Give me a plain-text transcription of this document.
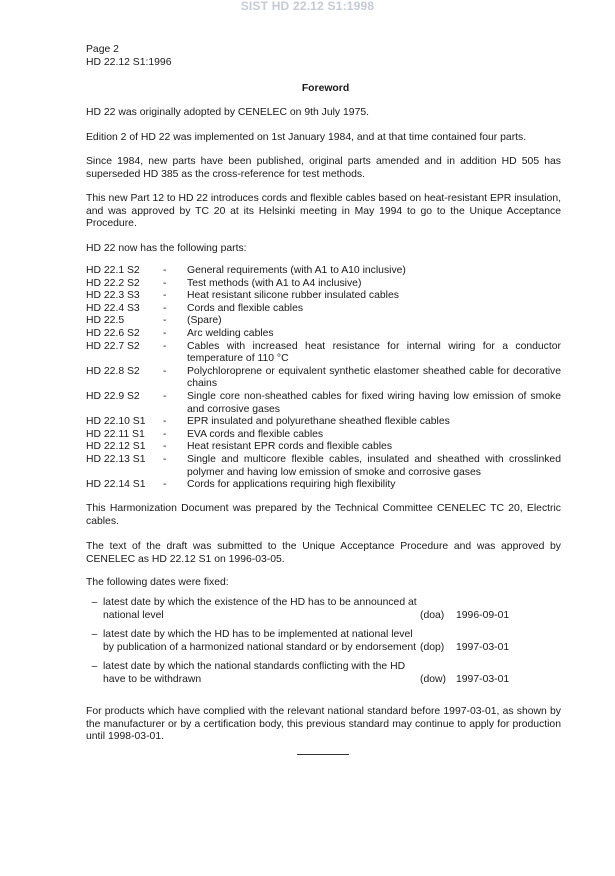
SIST HD 22.12 S1:1998
Page 2
HD 22.12 S1:1996
Foreword
HD 22 was originally adopted by CENELEC on 9th July 1975.
Edition 2 of HD 22 was implemented on 1st January 1984, and at that time contained four parts.
Since 1984, new parts have been published, original parts amended and in addition HD 505 has superseded HD 385 as the cross-reference for test methods.
This new Part 12 to HD 22 introduces cords and flexible cables based on heat-resistant EPR insulation, and was approved by TC 20 at its Helsinki meeting in May 1994 to go to the Unique Acceptance Procedure.
HD 22 now has the following parts:
HD 22.1 S2	-	General requirements (with A1 to A10 inclusive)
HD 22.2 S2	-	Test methods (with A1 to A4 inclusive)
HD 22.3 S3	-	Heat resistant silicone rubber insulated cables
HD 22.4 S3	-	Cords and flexible cables
HD 22.5	-	(Spare)
HD 22.6 S2	-	Arc welding cables
HD 22.7 S2	-	Cables with increased heat resistance for internal wiring for a conductor temperature of 110 °C
HD 22.8 S2	-	Polychloroprene or equivalent synthetic elastomer sheathed cable for decorative chains
HD 22.9 S2	-	Single core non-sheathed cables for fixed wiring having low emission of smoke and corrosive gases
HD 22.10 S1	-	EPR insulated and polyurethane sheathed flexible cables
HD 22.11 S1	-	EVA cords and flexible cables
HD 22.12 S1	-	Heat resistant EPR cords and flexible cables
HD 22.13 S1	-	Single and multicore flexible cables, insulated and sheathed with crosslinked polymer and having low emission of smoke and corrosive gases
HD 22.14 S1	-	Cords for applications requiring high flexibility
This Harmonization Document was prepared by the Technical Committee CENELEC TC 20, Electric cables.
The text of the draft was submitted to the Unique Acceptance Procedure and was approved by CENELEC as HD 22.12 S1 on 1996-03-05.
The following dates were fixed:
– latest date by which the existence of the HD has to be announced at national level	(doa)	1996-09-01
– latest date by which the HD has to be implemented at national level by publication of a harmonized national standard or by endorsement (dop)	1997-03-01
– latest date by which the national standards conflicting with the HD have to be withdrawn	(dow) 1997-03-01
For products which have complied with the relevant national standard before 1997-03-01, as shown by the manufacturer or by a certification body, this previous standard may continue to apply for production until 1998-03-01.
